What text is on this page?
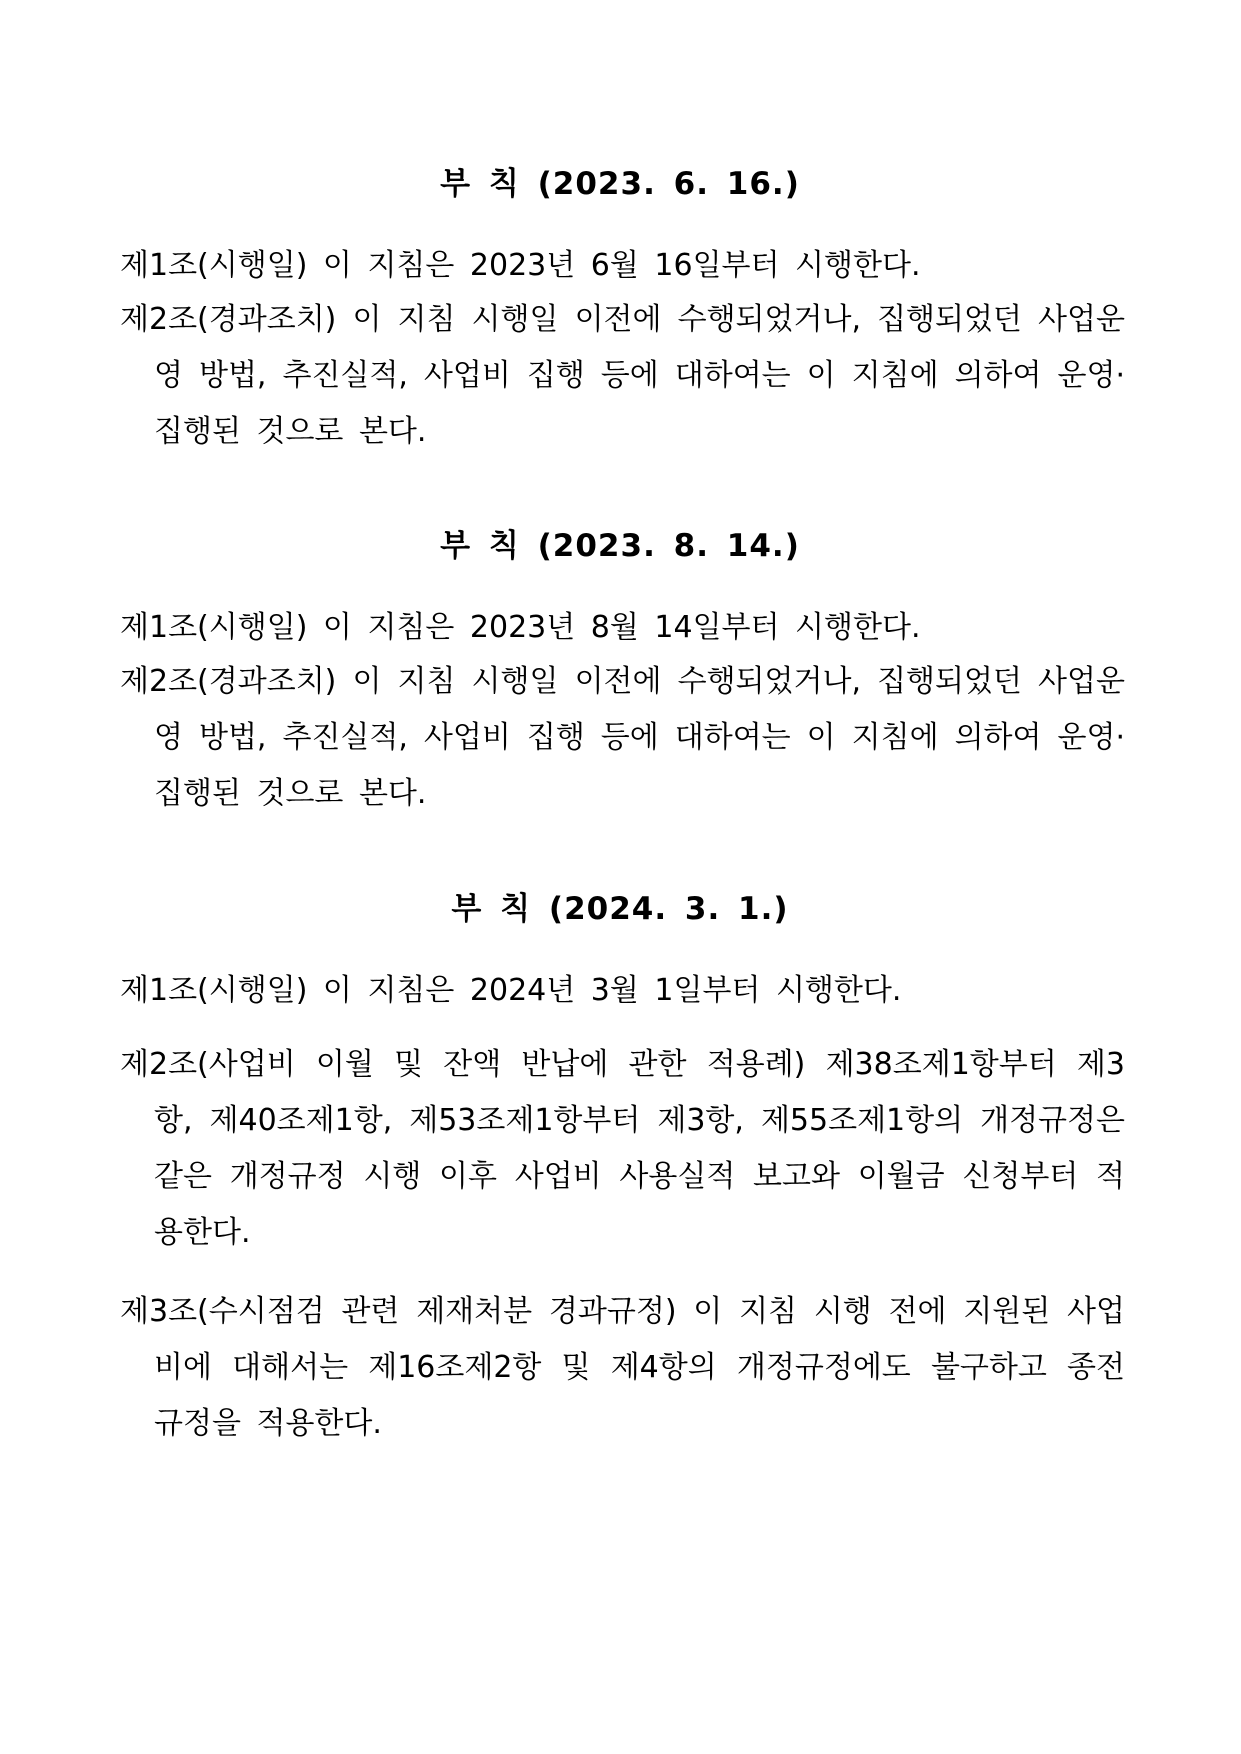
부 칙 (2023. 6. 16.)
제1조(시행일) 이 지침은 2023년 6월 16일부터 시행한다.
제2조(경과조치) 이 지침 시행일 이전에 수행되었거나, 집행되었던 사업운영 방법, 추진실적, 사업비 집행 등에 대하여는 이 지침에 의하여 운영·집행된 것으로 본다.
부 칙 (2023. 8. 14.)
제1조(시행일) 이 지침은 2023년 8월 14일부터 시행한다.
제2조(경과조치) 이 지침 시행일 이전에 수행되었거나, 집행되었던 사업운영 방법, 추진실적, 사업비 집행 등에 대하여는 이 지침에 의하여 운영·집행된 것으로 본다.
부 칙 (2024. 3. 1.)
제1조(시행일) 이 지침은 2024년 3월 1일부터 시행한다.
제2조(사업비 이월 및 잔액 반납에 관한 적용례) 제38조제1항부터 제3항, 제40조제1항, 제53조제1항부터 제3항, 제55조제1항의 개정규정은 같은 개정규정 시행 이후 사업비 사용실적 보고와 이월금 신청부터 적용한다.
제3조(수시점검 관련 제재처분 경과규정) 이 지침 시행 전에 지원된 사업비에 대해서는 제16조제2항 및 제4항의 개정규정에도 불구하고 종전 규정을 적용한다.
